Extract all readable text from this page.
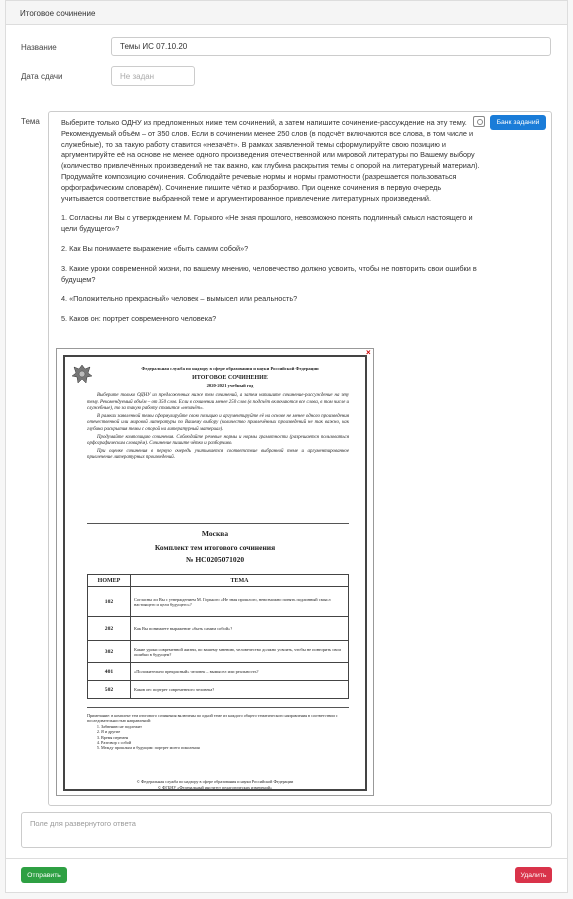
Итоговое сочинение
Название	Темы ИС 07.10.20
Дата сдачи	Не задан
Тема	Выберите только ОДНУ из предложенных ниже тем сочинений, а затем напишите сочинение-рассуждение на эту тему. Рекомендуемый объём – от 350 слов. Если в сочинении менее 250 слов (в подсчёт включаются все слова, в том числе и служебные), то за такую работу ставится «незачёт». В рамках заявленной темы сформулируйте свою позицию и аргументируйте её на основе не менее одного произведения отечественной или мировой литературы по Вашему выбору (количество привлечённых произведений не так важно, как глубина раскрытия темы с опорой на литературный материал). Продумайте композицию сочинения. Соблюдайте речевые нормы и нормы грамотности (разрешается пользоваться орфографическим словарём). Сочинение пишите чётко и разборчиво. При оценке сочинения в первую очередь учитывается соответствие выбранной теме и аргументированное привлечение литературных произведений.

1. Согласны ли Вы с утверждением М. Горького «Не зная прошлого, невозможно понять подлинный смысл настоящего и цели будущего»?

2. Как Вы понимаете выражение «быть самим собой»?

3. Какие уроки современной жизни, по вашему мнению, человечество должно усвоить, чтобы не повторить свои ошибки в будущем?

4. «Положительно прекрасный» человек – вымысел или реальность?

5. Каков он: портрет современного человека?

Банк заданий
×
Федеральная служба по надзору в сфере образования и науки Российской Федерации
ИТОГОВОЕ СОЧИНЕНИЕ
2020-2021 учебный год

Выберите только ОДНУ из предложенных ниже тем сочинений, а затем напишите сочинение-рассуждение на эту тему. Рекомендуемый объём – от 350 слов. Если в сочинении менее 250 слов (в подсчёт включаются все слова, в том числе и служебные), то за такую работу ставится «незачёт».

В рамках заявленной темы сформулируйте свою позицию и аргументируйте её на основе не менее одного произведения отечественной или мировой литературы по Вашему выбору (количество привлечённых произведений не так важно, как глубина раскрытия темы с опорой на литературный материал).

Продумайте композицию сочинения. Соблюдайте речевые нормы и нормы грамотности (разрешается пользоваться орфографическим словарём). Сочинение пишите чётко и разборчиво.

При оценке сочинения в первую очередь учитывается соответствие выбранной теме и аргументированное привлечение литературных произведений.

Москва
Комплект тем итогового сочинения
№ НС0205071020
НОМЕР	ТЕМА
102	Согласны ли Вы с утверждением М. Горького «Не зная прошлого, невозможно понять подлинный смысл настоящего и цели будущего»?
202	Как Вы понимаете выражение «быть самим собой»?
302	Какие уроки современной жизни, по вашему мнению, человечество должно усвоить, чтобы не повторить свои ошибки в будущем?
401	«Положительно прекрасный» человек – вымысел или реальность?
502	Каков он: портрет современного человека?
Примечание: в комплект тем итогового сочинения включены по одной теме из каждого общего тематического направления в соответствии с последовательностью направлений:
1. Забвению не подлежит
2. Я и другие
3. Время перемен
4. Разговор с собой
5. Между прошлым и будущим: портрет моего поколения
© Федеральная служба по надзору в сфере образования и науки Российской Федерации
© ФГБНУ «Федеральный институт педагогических измерений»
Поле для развернутого ответа
Отправить	Удалить
